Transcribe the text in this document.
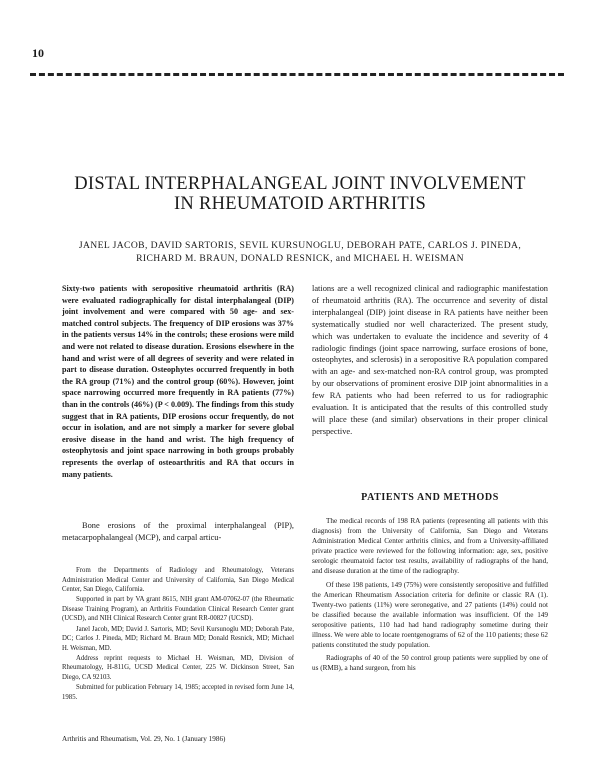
10
DISTAL INTERPHALANGEAL JOINT INVOLVEMENT
IN RHEUMATOID ARTHRITIS
JANEL JACOB, DAVID SARTORIS, SEVIL KURSUNOGLU, DEBORAH PATE, CARLOS J. PINEDA,
RICHARD M. BRAUN, DONALD RESNICK, and MICHAEL H. WEISMAN
Sixty-two patients with seropositive rheumatoid arthritis (RA) were evaluated radiographically for distal interphalangeal (DIP) joint involvement and were compared with 50 age- and sex-matched control subjects. The frequency of DIP erosions was 37% in the patients versus 14% in the controls; these erosions were mild and were not related to disease duration. Erosions elsewhere in the hand and wrist were of all degrees of severity and were related in part to disease duration. Osteophytes occurred frequently in both the RA group (71%) and the control group (60%). However, joint space narrowing occurred more frequently in RA patients (77%) than in the controls (46%) (P < 0.009). The findings from this study suggest that in RA patients, DIP erosions occur frequently, do not occur in isolation, and are not simply a marker for severe global erosive disease in the hand and wrist. The high frequency of osteophytosis and joint space narrowing in both groups probably represents the overlap of osteoarthritis and RA that occurs in many patients.
Bone erosions of the proximal interphalangeal (PIP), metacarpophalangeal (MCP), and carpal articu-

From the Departments of Radiology and Rheumatology, Veterans Administration Medical Center and University of California, San Diego Medical Center, San Diego, California.

Supported in part by VA grant 8615, NIH grant AM-07062-07 (the Rheumatic Disease Training Program), an Arthritis Foundation Clinical Research Center grant (UCSD), and NIH Clinical Research Center grant RR-00827 (UCSD).

Janel Jacob, MD; David J. Sartoris, MD; Sevil Kursunoglu MD; Deborah Pate, DC; Carlos J. Pineda, MD; Richard M. Braun MD; Donald Resnick, MD; Michael H. Weisman, MD.

Address reprint requests to Michael H. Weisman, MD, Division of Rheumatology, H-811G, UCSD Medical Center, 225 W. Dickinson Street, San Diego, CA 92103.

Submitted for publication February 14, 1985; accepted in revised form June 14, 1985.

Arthritis and Rheumatism, Vol. 29, No. 1 (January 1986)

lations are a well recognized clinical and radiographic manifestation of rheumatoid arthritis (RA). The occurrence and severity of distal interphalangeal (DIP) joint disease in RA patients have neither been systematically studied nor well characterized. The present study, which was undertaken to evaluate the incidence and severity of 4 radiologic findings (joint space narrowing, surface erosions of bone, osteophytes, and sclerosis) in a seropositive RA population compared with an age- and sex-matched non-RA control group, was prompted by our observations of prominent erosive DIP joint abnormalities in a few RA patients who had been referred to us for radiographic evaluation. It is anticipated that the results of this controlled study will place these (and similar) observations in their proper clinical perspective.

PATIENTS AND METHODS

The medical records of 198 RA patients (representing all patients with this diagnosis) from the University of California, San Diego and Veterans Administration Medical Center arthritis clinics, and from a University-affiliated private practice were reviewed for the following information: age, sex, positive serologic rheumatoid factor test results, availability of radiographs of the hand, and disease duration at the time of the radiography.

Of these 198 patients, 149 (75%) were consistently seropositive and fulfilled the American Rheumatism Association criteria for definite or classic RA (1). Twenty-two patients (11%) were seronegative, and 27 patients (14%) could not be classified because the available information was insufficient. Of the 149 seropositive patients, 110 had had hand radiography sometime during their illness. We were able to locate roentgenograms of 62 of the 110 patients; these 62 patients constituted the study population.

Radiographs of 40 of the 50 control group patients were supplied by one of us (RMB), a hand surgeon, from his
